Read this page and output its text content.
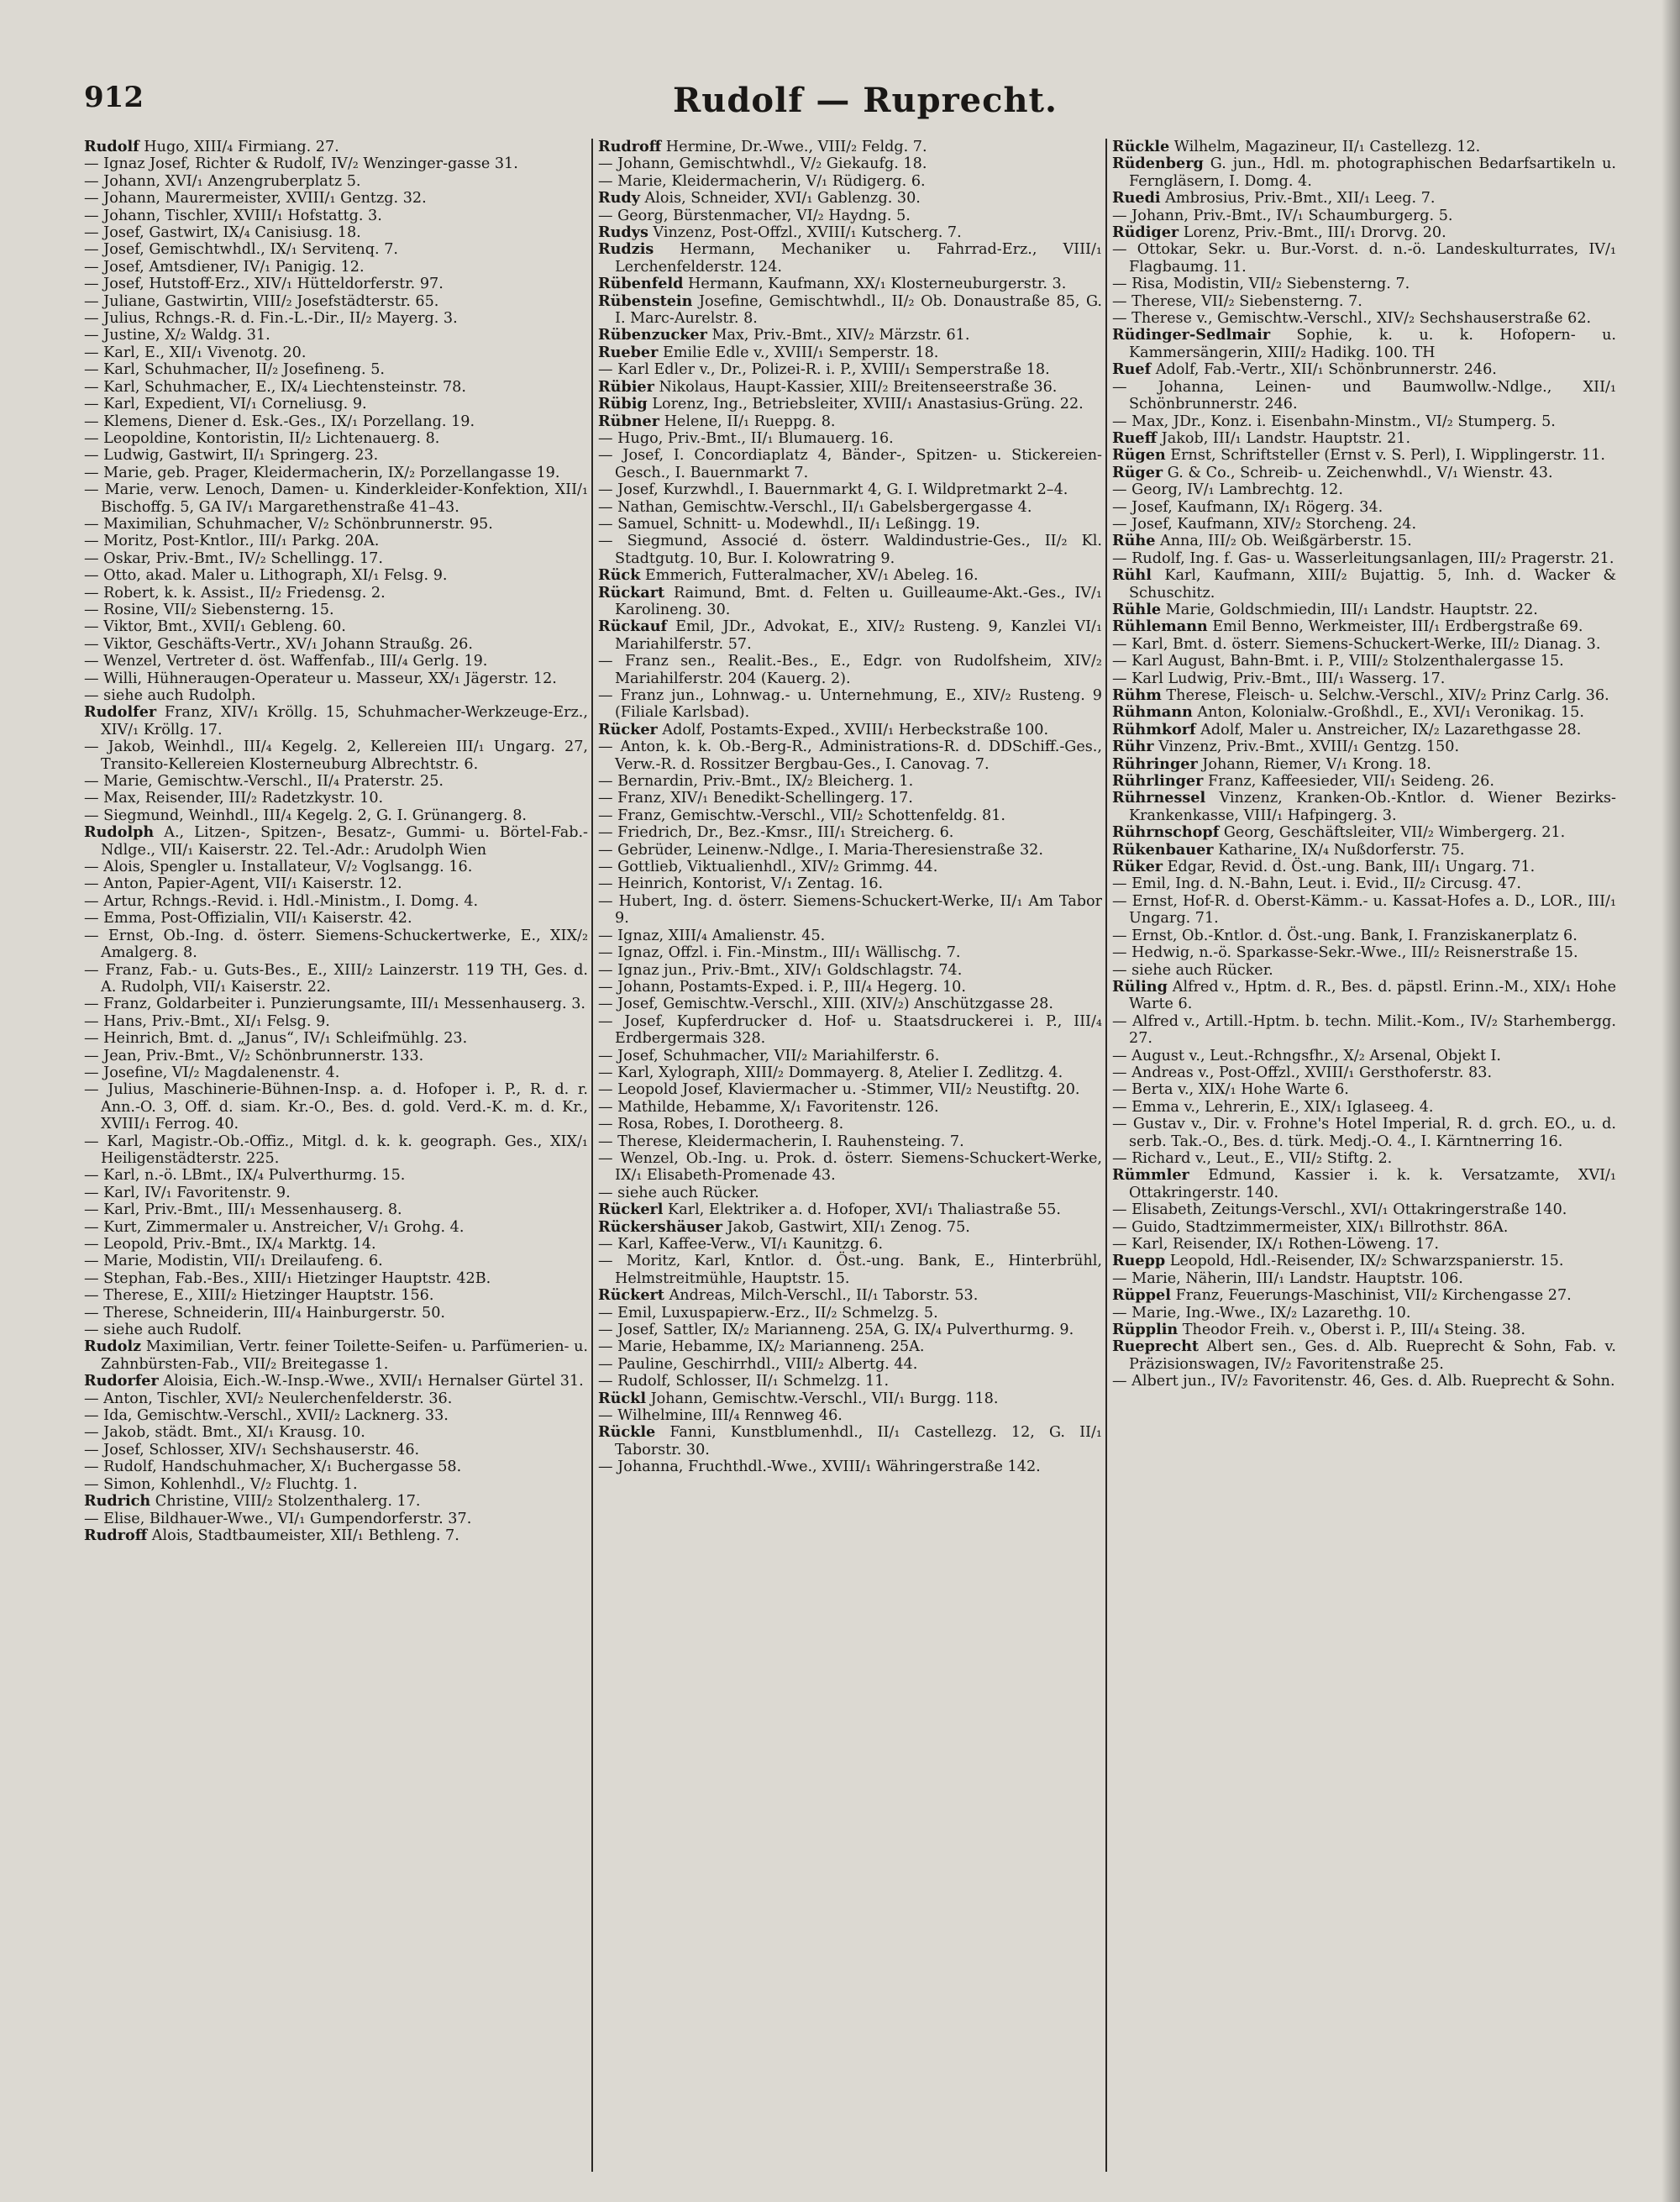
912	Rudolf — Ruprecht.

Rudolf Hugo, XIII/₄ Firmiang. 27.

— Ignaz Josef, Richter & Rudolf, IV/₂ Wenzinger-gasse 31.

— Johann, XVI/₁ Anzengruberplatz 5.

— Johann, Maurermeister, XVIII/₁ Gentzg. 32.

— Johann, Tischler, XVIII/₁ Hofstattg. 3.

— Josef, Gastwirt, IX/₄ Canisiusg. 18.

— Josef, Gemischtwhdl., IX/₁ Servitenq. 7.

— Josef, Amtsdiener, IV/₁ Panigig. 12.

— Josef, Hutstoff-Erz., XIV/₁ Hütteldorferstr. 97.

— Juliane, Gastwirtin, VIII/₂ Josefstädterstr. 65.

— Julius, Rchngs.-R. d. Fin.-L.-Dir., II/₂ Mayerg. 3.

— Justine, X/₂ Waldg. 31.

— Karl, E., XII/₁ Vivenotg. 20.

— Karl, Schuhmacher, II/₂ Josefineng. 5.

— Karl, Schuhmacher, E., IX/₄ Liechtensteinstr. 78.

— Karl, Expedient, VI/₁ Corneliusg. 9.

— Klemens, Diener d. Esk.-Ges., IX/₁ Porzellang. 19.

— Leopoldine, Kontoristin, II/₂ Lichtenauerg. 8.

— Ludwig, Gastwirt, II/₁ Springerg. 23.

— Marie, geb. Prager, Kleidermacherin, IX/₂ Porzellangasse 19.

— Marie, verw. Lenoch, Damen- u. Kinderkleider-Konfektion, XII/₁ Bischoffg. 5, GA IV/₁ Margarethenstraße 41–43.

— Maximilian, Schuhmacher, V/₂ Schönbrunnerstr. 95.

— Moritz, Post-Kntlor., III/₁ Parkg. 20A.

— Oskar, Priv.-Bmt., IV/₂ Schellingg. 17.

— Otto, akad. Maler u. Lithograph, XI/₁ Felsg. 9.

— Robert, k. k. Assist., II/₂ Friedensg. 2.

— Rosine, VII/₂ Siebensterng. 15.

— Viktor, Bmt., XVII/₁ Gebleng. 60.

— Viktor, Geschäfts-Vertr., XV/₁ Johann Straußg. 26.

— Wenzel, Vertreter d. öst. Waffenfab., III/₄ Gerlg. 19.

— Willi, Hühneraugen-Operateur u. Masseur, XX/₁ Jägerstr. 12.

— siehe auch Rudolph.

Rudolfer Franz, XIV/₁ Kröllg. 15, Schuhmacher-Werkzeuge-Erz., XIV/₁ Kröllg. 17.

— Jakob, Weinhdl., III/₄ Kegelg. 2, Kellereien III/₁ Ungarg. 27, Transito-Kellereien Klosterneuburg Albrechtstr. 6.

— Marie, Gemischtw.-Verschl., II/₄ Praterstr. 25.

— Max, Reisender, III/₂ Radetzkystr. 10.

— Siegmund, Weinhdl., III/₄ Kegelg. 2, G. I. Grünangerg. 8.

Rudolph A., Litzen-, Spitzen-, Besatz-, Gummi- u. Börtel-Fab.-Ndlge., VII/₁ Kaiserstr. 22. Tel.-Adr.: Arudolph Wien

— Alois, Spengler u. Installateur, V/₂ Voglsangg. 16.

— Anton, Papier-Agent, VII/₁ Kaiserstr. 12.

— Artur, Rchngs.-Revid. i. Hdl.-Ministm., I. Domg. 4.

— Emma, Post-Offizialin, VII/₁ Kaiserstr. 42.

— Ernst, Ob.-Ing. d. österr. Siemens-Schuckertwerke, E., XIX/₂ Amalgerg. 8.

— Franz, Fab.- u. Guts-Bes., E., XIII/₂ Lainzerstr. 119 TH, Ges. d. A. Rudolph, VII/₁ Kaiserstr. 22.

— Franz, Goldarbeiter i. Punzierungsamte, III/₁ Messenhauserg. 3.

— Hans, Priv.-Bmt., XI/₁ Felsg. 9.

— Heinrich, Bmt. d. „Janus“, IV/₁ Schleifmühlg. 23.

— Jean, Priv.-Bmt., V/₂ Schönbrunnerstr. 133.

— Josefine, VI/₂ Magdalenenstr. 4.

— Julius, Maschinerie-Bühnen-Insp. a. d. Hofoper i. P., R. d. r. Ann.-O. 3, Off. d. siam. Kr.-O., Bes. d. gold. Verd.-K. m. d. Kr., XVIII/₁ Ferrog. 40.

— Karl, Magistr.-Ob.-Offiz., Mitgl. d. k. k. geograph. Ges., XIX/₁ Heiligenstädterstr. 225.

— Karl, n.-ö. LBmt., IX/₄ Pulverthurmg. 15.

— Karl, IV/₁ Favoritenstr. 9.

— Karl, Priv.-Bmt., III/₁ Messenhauserg. 8.

— Kurt, Zimmermaler u. Anstreicher, V/₁ Grohg. 4.

— Leopold, Priv.-Bmt., IX/₄ Marktg. 14.

— Marie, Modistin, VII/₁ Dreilaufeng. 6.

— Stephan, Fab.-Bes., XIII/₁ Hietzinger Hauptstr. 42B.

— Therese, E., XIII/₂ Hietzinger Hauptstr. 156.

— Therese, Schneiderin, III/₄ Hainburgerstr. 50.

— siehe auch Rudolf.

Rudolz Maximilian, Vertr. feiner Toilette-Seifen- u. Parfümerien- u. Zahnbürsten-Fab., VII/₂ Breitegasse 1.

Rudorfer Aloisia, Eich.-W.-Insp.-Wwe., XVII/₁ Hernalser Gürtel 31.

— Anton, Tischler, XVI/₂ Neulerchenfelderstr. 36.

— Ida, Gemischtw.-Verschl., XVII/₂ Lacknerg. 33.

— Jakob, städt. Bmt., XI/₁ Krausg. 10.

— Josef, Schlosser, XIV/₁ Sechshauserstr. 46.

— Rudolf, Handschuhmacher, X/₁ Buchergasse 58.

— Simon, Kohlenhdl., V/₂ Fluchtg. 1.

Rudrich Christine, VIII/₂ Stolzenthalerg. 17.

— Elise, Bildhauer-Wwe., VI/₁ Gumpendorferstr. 37.

Rudroff Alois, Stadtbaumeister, XII/₁ Bethleng. 7.

Rudroff Hermine, Dr.-Wwe., VIII/₂ Feldg. 7.

— Johann, Gemischtwhdl., V/₂ Giekaufg. 18.

— Marie, Kleidermacherin, V/₁ Rüdigerg. 6.

Rudy Alois, Schneider, XVI/₁ Gablenzg. 30.

— Georg, Bürstenmacher, VI/₂ Haydng. 5.

Rudys Vinzenz, Post-Offzl., XVIII/₁ Kutscherg. 7.

Rudzis Hermann, Mechaniker u. Fahrrad-Erz., VIII/₁ Lerchenfelderstr. 124.

Rübenfeld Hermann, Kaufmann, XX/₁ Klosterneuburgerstr. 3.

Rübenstein Josefine, Gemischtwhdl., II/₂ Ob. Donaustraße 85, G. I. Marc-Aurelstr. 8.

Rübenzucker Max, Priv.-Bmt., XIV/₂ Märzstr. 61.

Rueber Emilie Edle v., XVIII/₁ Semperstr. 18.

— Karl Edler v., Dr., Polizei-R. i. P., XVIII/₁ Semperstraße 18.

Rübier Nikolaus, Haupt-Kassier, XIII/₂ Breitenseerstraße 36.

Rübig Lorenz, Ing., Betriebsleiter, XVIII/₁ Anastasius-Grüng. 22.

Rübner Helene, II/₁ Rueppg. 8.

— Hugo, Priv.-Bmt., II/₁ Blumauerg. 16.

— Josef, I. Concordiaplatz 4, Bänder-, Spitzen- u. Stickereien-Gesch., I. Bauernmarkt 7.

— Josef, Kurzwhdl., I. Bauernmarkt 4, G. I. Wildpretmarkt 2–4.

— Nathan, Gemischtw.-Verschl., II/₁ Gabelsbergergasse 4.

— Samuel, Schnitt- u. Modewhdl., II/₁ Leßingg. 19.

— Siegmund, Associé d. österr. Waldindustrie-Ges., II/₂ Kl. Stadtgutg. 10, Bur. I. Kolowratring 9.

Rück Emmerich, Futteralmacher, XV/₁ Abeleg. 16.

Rückart Raimund, Bmt. d. Felten u. Guilleaume-Akt.-Ges., IV/₁ Karolineng. 30.

Rückauf Emil, JDr., Advokat, E., XIV/₂ Rusteng. 9, Kanzlei VI/₁ Mariahilferstr. 57.

— Franz sen., Realit.-Bes., E., Edgr. von Rudolfsheim, XIV/₂ Mariahilferstr. 204 (Kauerg. 2).

— Franz jun., Lohnwag.- u. Unternehmung, E., XIV/₂ Rusteng. 9 (Filiale Karlsbad).

Rücker Adolf, Postamts-Exped., XVIII/₁ Herbeckstraße 100.

— Anton, k. k. Ob.-Berg-R., Administrations-R. d. DDSchiff.-Ges., Verw.-R. d. Rossitzer Bergbau-Ges., I. Canovag. 7.

— Bernardin, Priv.-Bmt., IX/₂ Bleicherg. 1.

— Franz, XIV/₁ Benedikt-Schellingerg. 17.

— Franz, Gemischtw.-Verschl., VII/₂ Schottenfeldg. 81.

— Friedrich, Dr., Bez.-Kmsr., III/₁ Streicherg. 6.

— Gebrüder, Leinenw.-Ndlge., I. Maria-Theresienstraße 32.

— Gottlieb, Viktualienhdl., XIV/₂ Grimmg. 44.

— Heinrich, Kontorist, V/₁ Zentag. 16.

— Hubert, Ing. d. österr. Siemens-Schuckert-Werke, II/₁ Am Tabor 9.

— Ignaz, XIII/₄ Amalienstr. 45.

— Ignaz, Offzl. i. Fin.-Minstm., III/₁ Wällischg. 7.

— Ignaz jun., Priv.-Bmt., XIV/₁ Goldschlagstr. 74.

— Johann, Postamts-Exped. i. P., III/₄ Hegerg. 10.

— Josef, Gemischtw.-Verschl., XIII. (XIV/₂) Anschützgasse 28.

— Josef, Kupferdrucker d. Hof- u. Staatsdruckerei i. P., III/₄ Erdbergermais 328.

— Josef, Schuhmacher, VII/₂ Mariahilferstr. 6.

— Karl, Xylograph, XIII/₂ Dommayerg. 8, Atelier I. Zedlitzg. 4.

— Leopold Josef, Klaviermacher u. -Stimmer, VII/₂ Neustiftg. 20.

— Mathilde, Hebamme, X/₁ Favoritenstr. 126.

— Rosa, Robes, I. Dorotheerg. 8.

— Therese, Kleidermacherin, I. Rauhensteing. 7.

— Wenzel, Ob.-Ing. u. Prok. d. österr. Siemens-Schuckert-Werke, IX/₁ Elisabeth-Promenade 43.

— siehe auch Rücker.

Rückerl Karl, Elektriker a. d. Hofoper, XVI/₁ Thaliastraße 55.

Rückershäuser Jakob, Gastwirt, XII/₁ Zenog. 75.

— Karl, Kaffee-Verw., VI/₁ Kaunitzg. 6.

— Moritz, Karl, Kntlor. d. Öst.-ung. Bank, E., Hinterbrühl, Helmstreitmühle, Hauptstr. 15.

Rückert Andreas, Milch-Verschl., II/₁ Taborstr. 53.

— Emil, Luxuspapierw.-Erz., II/₂ Schmelzg. 5.

— Josef, Sattler, IX/₂ Marianneng. 25A, G. IX/₄ Pulverthurmg. 9.

— Marie, Hebamme, IX/₂ Marianneng. 25A.

— Pauline, Geschirrhdl., VIII/₂ Albertg. 44.

— Rudolf, Schlosser, II/₁ Schmelzg. 11.

Rückl Johann, Gemischtw.-Verschl., VII/₁ Burgg. 118.

— Wilhelmine, III/₄ Rennweg 46.

Rückle Fanni, Kunstblumenhdl., II/₁ Castellezg. 12, G. II/₁ Taborstr. 30.

— Johanna, Fruchthdl.-Wwe., XVIII/₁ Währingerstraße 142.

Rückle Wilhelm, Magazineur, II/₁ Castellezg. 12.

Rüdenberg G. jun., Hdl. m. photographischen Bedarfsartikeln u. Ferngläsern, I. Domg. 4.

Ruedi Ambrosius, Priv.-Bmt., XII/₁ Leeg. 7.

— Johann, Priv.-Bmt., IV/₁ Schaumburgerg. 5.

Rüdiger Lorenz, Priv.-Bmt., III/₁ Drorvg. 20.

— Ottokar, Sekr. u. Bur.-Vorst. d. n.-ö. Landeskulturrates, IV/₁ Flagbaumg. 11.

— Risa, Modistin, VII/₂ Siebensterng. 7.

— Therese, VII/₂ Siebensterng. 7.

— Therese v., Gemischtw.-Verschl., XIV/₂ Sechshauserstraße 62.

Rüdinger-Sedlmair Sophie, k. u. k. Hofopern- u. Kammersängerin, XIII/₂ Hadikg. 100. TH

Ruef Adolf, Fab.-Vertr., XII/₁ Schönbrunnerstr. 246.

— Johanna, Leinen- und Baumwollw.-Ndlge., XII/₁ Schönbrunnerstr. 246.

— Max, JDr., Konz. i. Eisenbahn-Minstm., VI/₂ Stumperg. 5.

Rueff Jakob, III/₁ Landstr. Hauptstr. 21.

Rügen Ernst, Schriftsteller (Ernst v. S. Perl), I. Wipplingerstr. 11.

Rüger G. & Co., Schreib- u. Zeichenwhdl., V/₁ Wienstr. 43.

— Georg, IV/₁ Lambrechtg. 12.

— Josef, Kaufmann, IX/₁ Rögerg. 34.

— Josef, Kaufmann, XIV/₂ Storcheng. 24.

Rühe Anna, III/₂ Ob. Weißgärberstr. 15.

— Rudolf, Ing. f. Gas- u. Wasserleitungsanlagen, III/₂ Pragerstr. 21.

Rühl Karl, Kaufmann, XIII/₂ Bujattig. 5, Inh. d. Wacker & Schuschitz.

Rühle Marie, Goldschmiedin, III/₁ Landstr. Hauptstr. 22.

Rühlemann Emil Benno, Werkmeister, III/₁ Erdbergstraße 69.

— Karl, Bmt. d. österr. Siemens-Schuckert-Werke, III/₂ Dianag. 3.

— Karl August, Bahn-Bmt. i. P., VIII/₂ Stolzenthalergasse 15.

— Karl Ludwig, Priv.-Bmt., III/₁ Wasserg. 17.

Rühm Therese, Fleisch- u. Selchw.-Verschl., XIV/₂ Prinz Carlg. 36.

Rühmann Anton, Kolonialw.-Großhdl., E., XVI/₁ Veronikag. 15.

Rühmkorf Adolf, Maler u. Anstreicher, IX/₂ Lazarethgasse 28.

Rühr Vinzenz, Priv.-Bmt., XVIII/₁ Gentzg. 150.

Rühringer Johann, Riemer, V/₁ Krong. 18.

Rührlinger Franz, Kaffeesieder, VII/₁ Seideng. 26.

Rührnessel Vinzenz, Kranken-Ob.-Kntlor. d. Wiener Bezirks-Krankenkasse, VIII/₁ Hafpingerg. 3.

Rührnschopf Georg, Geschäftsleiter, VII/₂ Wimbergerg. 21.

Rükenbauer Katharine, IX/₄ Nußdorferstr. 75.

Rüker Edgar, Revid. d. Öst.-ung. Bank, III/₁ Ungarg. 71.

— Emil, Ing. d. N.-Bahn, Leut. i. Evid., II/₂ Circusg. 47.

— Ernst, Hof-R. d. Oberst-Kämm.- u. Kassat-Hofes a. D., LOR., III/₁ Ungarg. 71.

— Ernst, Ob.-Kntlor. d. Öst.-ung. Bank, I. Franziskanerplatz 6.

— Hedwig, n.-ö. Sparkasse-Sekr.-Wwe., III/₂ Reisnerstraße 15.

— siehe auch Rücker.

Rüling Alfred v., Hptm. d. R., Bes. d. päpstl. Erinn.-M., XIX/₁ Hohe Warte 6.

— Alfred v., Artill.-Hptm. b. techn. Milit.-Kom., IV/₂ Starhembergg. 27.

— August v., Leut.-Rchngsfhr., X/₂ Arsenal, Objekt I.

— Andreas v., Post-Offzl., XVIII/₁ Gersthoferstr. 83.

— Berta v., XIX/₁ Hohe Warte 6.

— Emma v., Lehrerin, E., XIX/₁ Iglaseeg. 4.

— Gustav v., Dir. v. Frohne's Hotel Imperial, R. d. grch. EO., u. d. serb. Tak.-O., Bes. d. türk. Medj.-O. 4., I. Kärntnerring 16.

— Richard v., Leut., E., VII/₂ Stiftg. 2.

Rümmler Edmund, Kassier i. k. k. Versatzamte, XVI/₁ Ottakringerstr. 140.

— Elisabeth, Zeitungs-Verschl., XVI/₁ Ottakringerstraße 140.

— Guido, Stadtzimmermeister, XIX/₁ Billrothstr. 86A.

— Karl, Reisender, IX/₁ Rothen-Löweng. 17.

Ruepp Leopold, Hdl.-Reisender, IX/₂ Schwarzspanierstr. 15.

— Marie, Näherin, III/₁ Landstr. Hauptstr. 106.

Rüppel Franz, Feuerungs-Maschinist, VII/₂ Kirchengasse 27.

— Marie, Ing.-Wwe., IX/₂ Lazarethg. 10.

Rüpplin Theodor Freih. v., Oberst i. P., III/₄ Steing. 38.

Rueprecht Albert sen., Ges. d. Alb. Rueprecht & Sohn, Fab. v. Präzisionswagen, IV/₂ Favoritenstraße 25.

— Albert jun., IV/₂ Favoritenstr. 46, Ges. d. Alb. Rueprecht & Sohn.
